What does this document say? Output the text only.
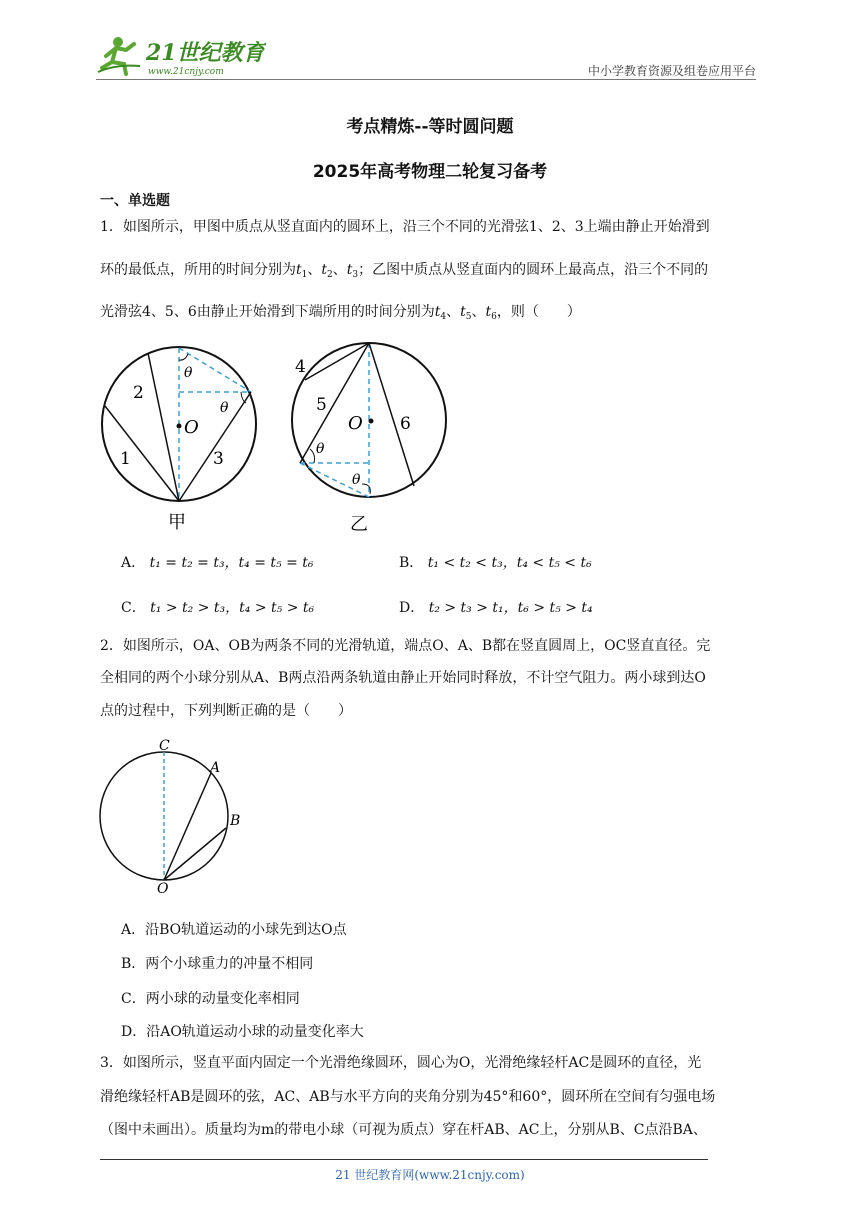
21世纪教育
www.21cnjy.com	中小学教育资源及组卷应用平台
考点精炼--等时圆问题
2025年高考物理二轮复习备考
一、单选题
1．如图所示，甲图中质点从竖直面内的圆环上，沿三个不同的光滑弦1、2、3上端由静止开始滑到
环的最低点，所用的时间分别为$t_1$、$t_2$、$t_3$；乙图中质点从竖直面内的圆环上最高点，沿三个不同的
光滑弦4、5、6由静止开始滑到下端所用的时间分别为$t_4$、$t_5$、$t_6$，则（　　）
O
θ
θ
2
1	3
甲
O
θ
θ
4
5
6
乙
A． t₁ = t₂ = t₃，t₄ = t₅ = t₆	B． t₁ < t₂ < t₃，t₄ < t₅ < t₆
C． t₁ > t₂ > t₃，t₄ > t₅ > t₆	D． t₂ > t₃ > t₁，t₆ > t₅ > t₄
2．如图所示，OA、OB为两条不同的光滑轨道，端点O、A、B都在竖直圆周上，OC竖直直径。完
全相同的两个小球分别从A、B两点沿两条轨道由静止开始同时释放，不计空气阻力。两小球到达O
点的过程中，下列判断正确的是（　　）
C
A
B
O
A．沿BO轨道运动的小球先到达O点
B．两个小球重力的冲量不相同
C．两小球的动量变化率相同
D．沿AO轨道运动小球的动量变化率大
3．如图所示，竖直平面内固定一个光滑绝缘圆环，圆心为O，光滑绝缘轻杆AC是圆环的直径，光
滑绝缘轻杆AB是圆环的弦，AC、AB与水平方向的夹角分别为45°和60°，圆环所在空间有匀强电场
（图中未画出）。质量均为m的带电小球（可视为质点）穿在杆AB、AC上，分别从B、C点沿BA、
21 世纪教育网(www.21cnjy.com)
